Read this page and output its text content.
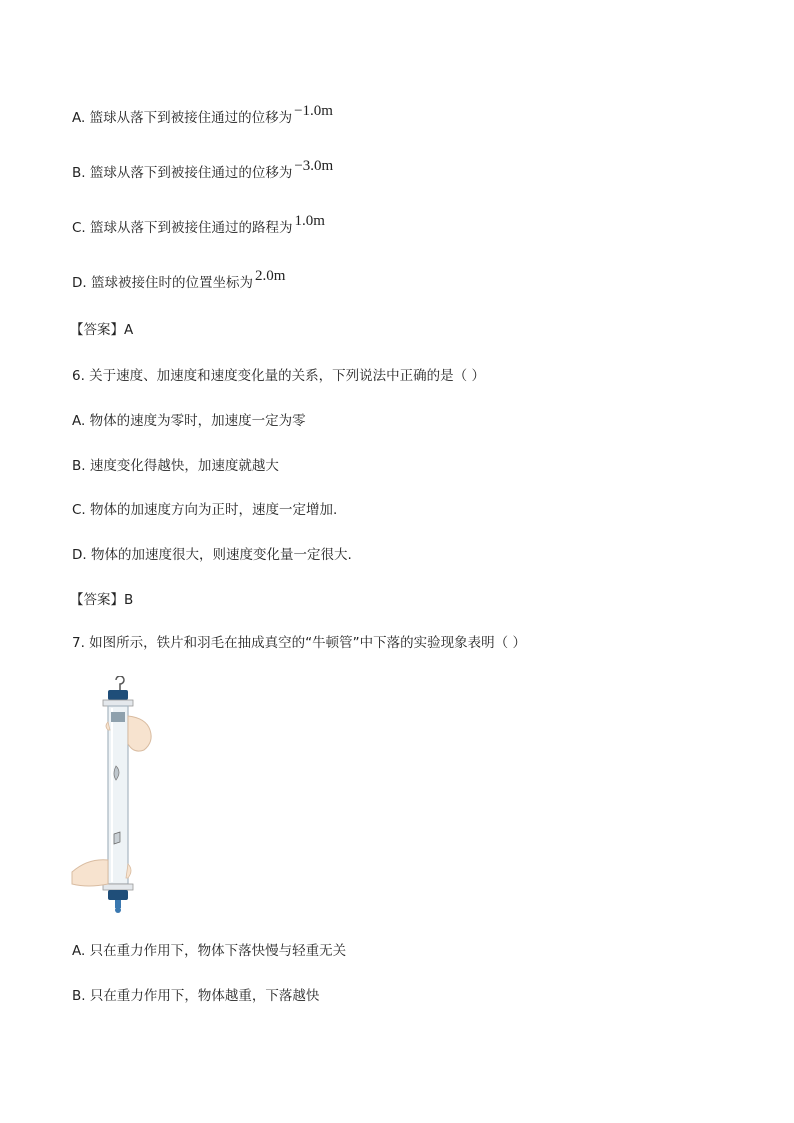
A. 篮球从落下到被接住通过的位移为 −1.0m
B. 篮球从落下到被接住通过的位移为 −3.0m
C. 篮球从落下到被接住通过的路程为 1.0m
D. 篮球被接住时的位置坐标为 2.0m
【答案】A
6. 关于速度、加速度和速度变化量的关系，下列说法中正确的是（ ）
A. 物体的速度为零时，加速度一定为零
B. 速度变化得越快，加速度就越大
C. 物体的加速度方向为正时，速度一定增加.
D. 物体的加速度很大，则速度变化量一定很大.
【答案】B
7. 如图所示，铁片和羽毛在抽成真空的“牛顿管”中下落的实验现象表明（ ）
A. 只在重力作用下，物体下落快慢与轻重无关
B. 只在重力作用下，物体越重，下落越快
